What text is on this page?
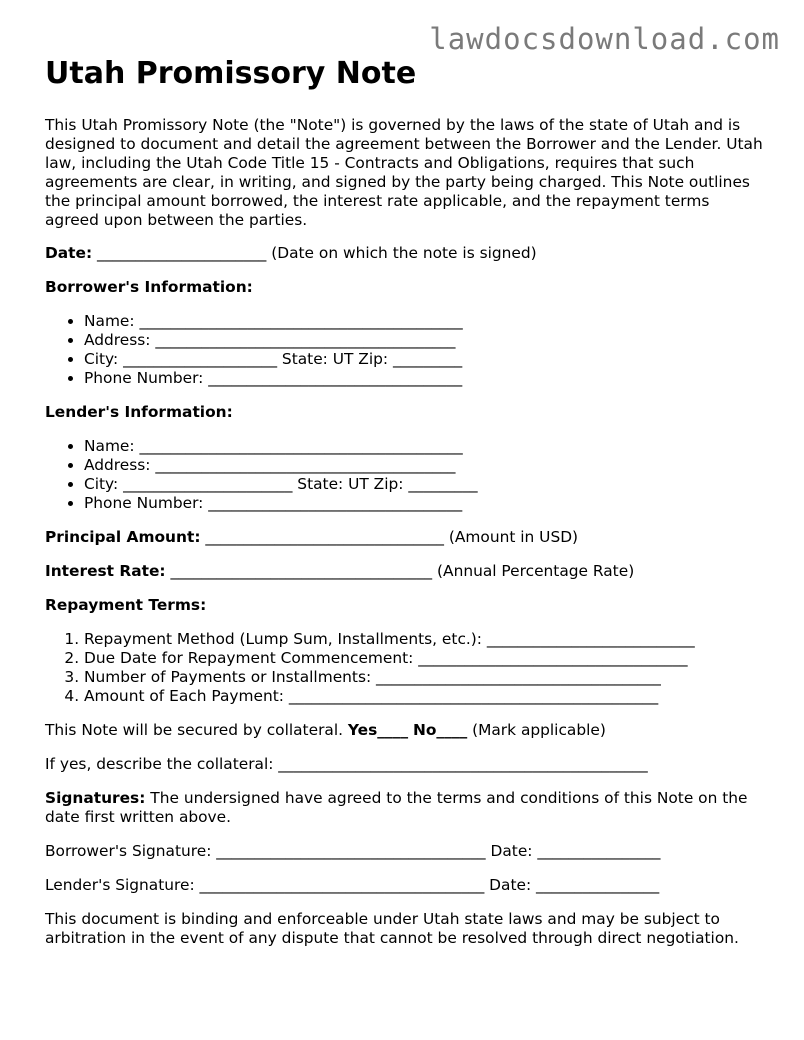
lawdocsdownload.com
Utah Promissory Note

This Utah Promissory Note (the "Note") is governed by the laws of the state of Utah and is designed to document and detail the agreement between the Borrower and the Lender. Utah law, including the Utah Code Title 15 - Contracts and Obligations, requires that such agreements are clear, in writing, and signed by the party being charged. This Note outlines the principal amount borrowed, the interest rate applicable, and the repayment terms agreed upon between the parties.

Date: ______________________ (Date on which the note is signed)

Borrower's Information:

• Name: __________________________________________
• Address: _______________________________________
• City: ____________________ State: UT Zip: _________
• Phone Number: _________________________________

Lender's Information:

• Name: __________________________________________
• Address: _______________________________________
• City: ______________________ State: UT Zip: _________
• Phone Number: _________________________________

Principal Amount: _______________________________ (Amount in USD)

Interest Rate: __________________________________ (Annual Percentage Rate)

Repayment Terms:

1. Repayment Method (Lump Sum, Installments, etc.): ___________________________
2. Due Date for Repayment Commencement: ___________________________________
3. Number of Payments or Installments: _____________________________________
4. Amount of Each Payment: ________________________________________________

This Note will be secured by collateral. Yes____ No____ (Mark applicable)

If yes, describe the collateral: ________________________________________________

Signatures: The undersigned have agreed to the terms and conditions of this Note on the date first written above.

Borrower's Signature: ___________________________________ Date: ________________

Lender's Signature: _____________________________________ Date: ________________

This document is binding and enforceable under Utah state laws and may be subject to arbitration in the event of any dispute that cannot be resolved through direct negotiation.
